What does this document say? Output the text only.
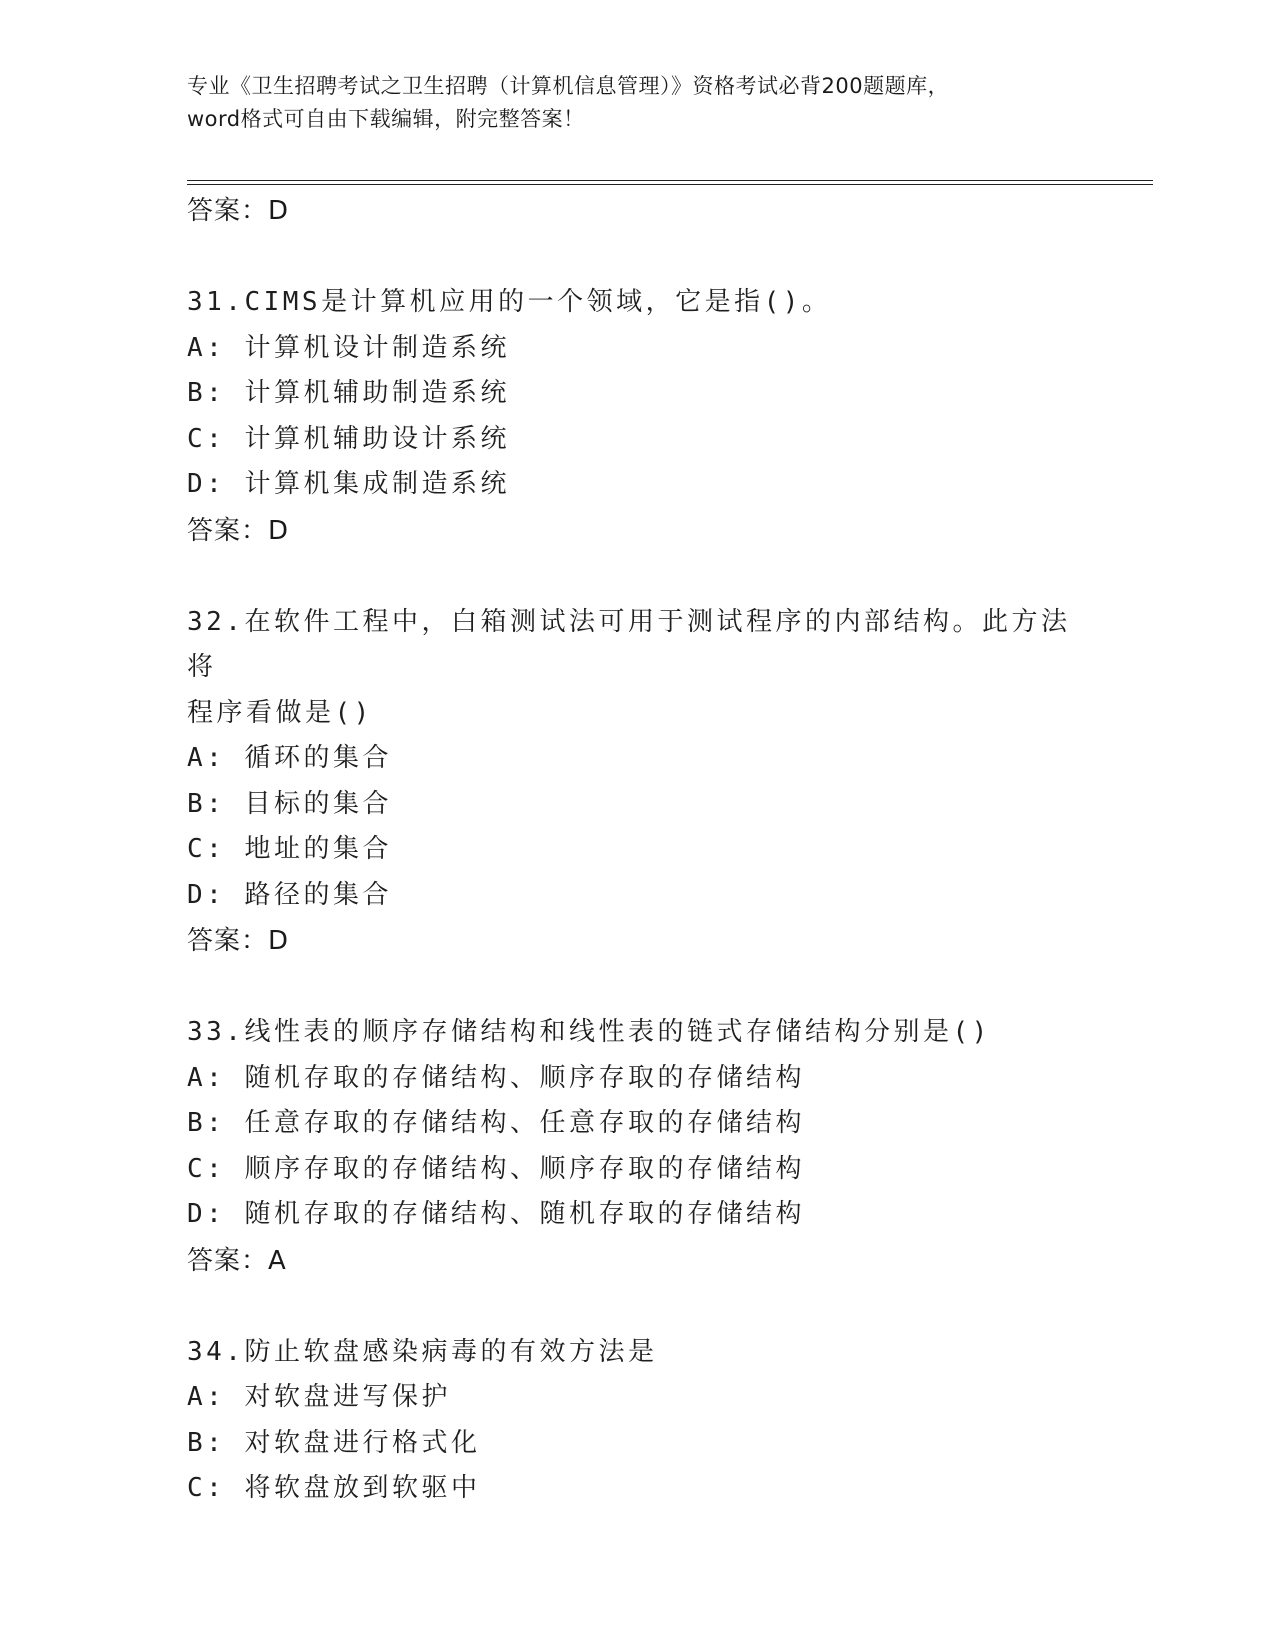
专业《卫生招聘考试之卫生招聘（计算机信息管理）》资格考试必背200题题库，
word格式可自由下载编辑，附完整答案！
答案：D
31.CIMS是计算机应用的一个领域，它是指()。
A: 计算机设计制造系统
B: 计算机辅助制造系统
C: 计算机辅助设计系统
D: 计算机集成制造系统
答案：D
32.在软件工程中，白箱测试法可用于测试程序的内部结构。此方法将
程序看做是()
A: 循环的集合
B: 目标的集合
C: 地址的集合
D: 路径的集合
答案：D
33.线性表的顺序存储结构和线性表的链式存储结构分别是()
A: 随机存取的存储结构、顺序存取的存储结构
B: 任意存取的存储结构、任意存取的存储结构
C: 顺序存取的存储结构、顺序存取的存储结构
D: 随机存取的存储结构、随机存取的存储结构
答案：A
34.防止软盘感染病毒的有效方法是
A: 对软盘进写保护
B: 对软盘进行格式化
C: 将软盘放到软驱中
